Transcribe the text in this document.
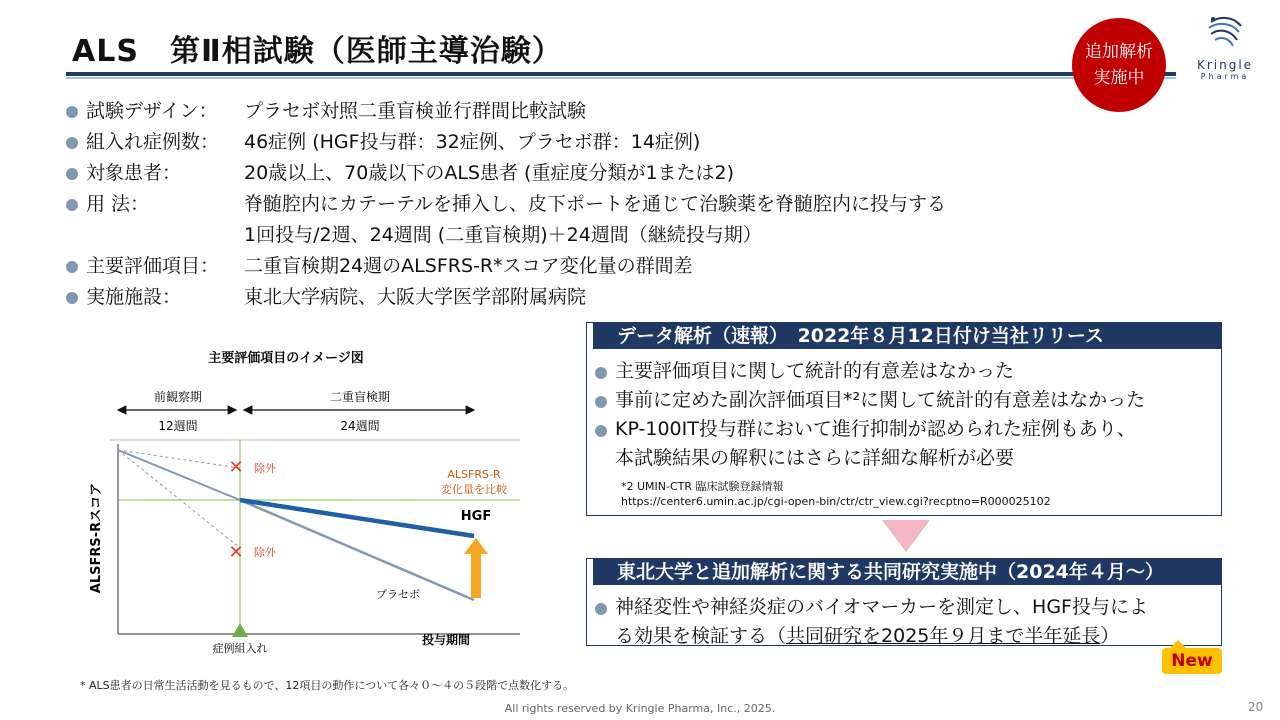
ALS　第Ⅱ相試験（医師主導治験）	追加解析
実施中
Kringle
Pharma
試験デザイン：	プラセボ対照二重盲検並行群間比較試験
組入れ症例数：	46症例 (HGF投与群：32症例、プラセボ群：14症例)
対象患者：	20歳以上、70歳以下のALS患者 (重症度分類が1または2)
用 法：	脊髄腔内にカテーテルを挿入し、皮下ポートを通じて治験薬を脊髄腔内に投与する
1回投与/2週、24週間 (二重盲検期)＋24週間（継続投与期）
主要評価項目：	二重盲検期24週のALSFRS-R*スコア変化量の群間差
実施施設：	東北大学病院、大阪大学医学部附属病院
主要評価項目のイメージ図
前観察期	二重盲検期
12週間	24週間
✕ 除外
✕ 除外
ALSFRS-R
変化量を比較
HGF
プラセボ
ALSFRS-Rスコア
投与期間
症例組入れ
* ALS患者の日常生活活動を見るもので、12項目の動作について各々０～４の５段階で点数化する。
データ解析（速報）　2022年８月12日付け当社リリース
主要評価項目に関して統計的有意差はなかった
事前に定めた副次評価項目*²に関して統計的有意差はなかった
KP-100IT投与群において進行抑制が認められた症例もあり、
本試験結果の解釈にはさらに詳細な解析が必要
*2 UMIN-CTR 臨床試験登録情報
https://center6.umin.ac.jp/cgi-open-bin/ctr/ctr_view.cgi?recptno=R000025102
東北大学と追加解析に関する共同研究実施中（2024年４月～）
神経変性や神経炎症のバイオマーカーを測定し、HGF投与によ
る効果を検証する（共同研究を2025年９月まで半年延長）
New
All rights reserved by Kringle Pharma, Inc., 2025.	20
